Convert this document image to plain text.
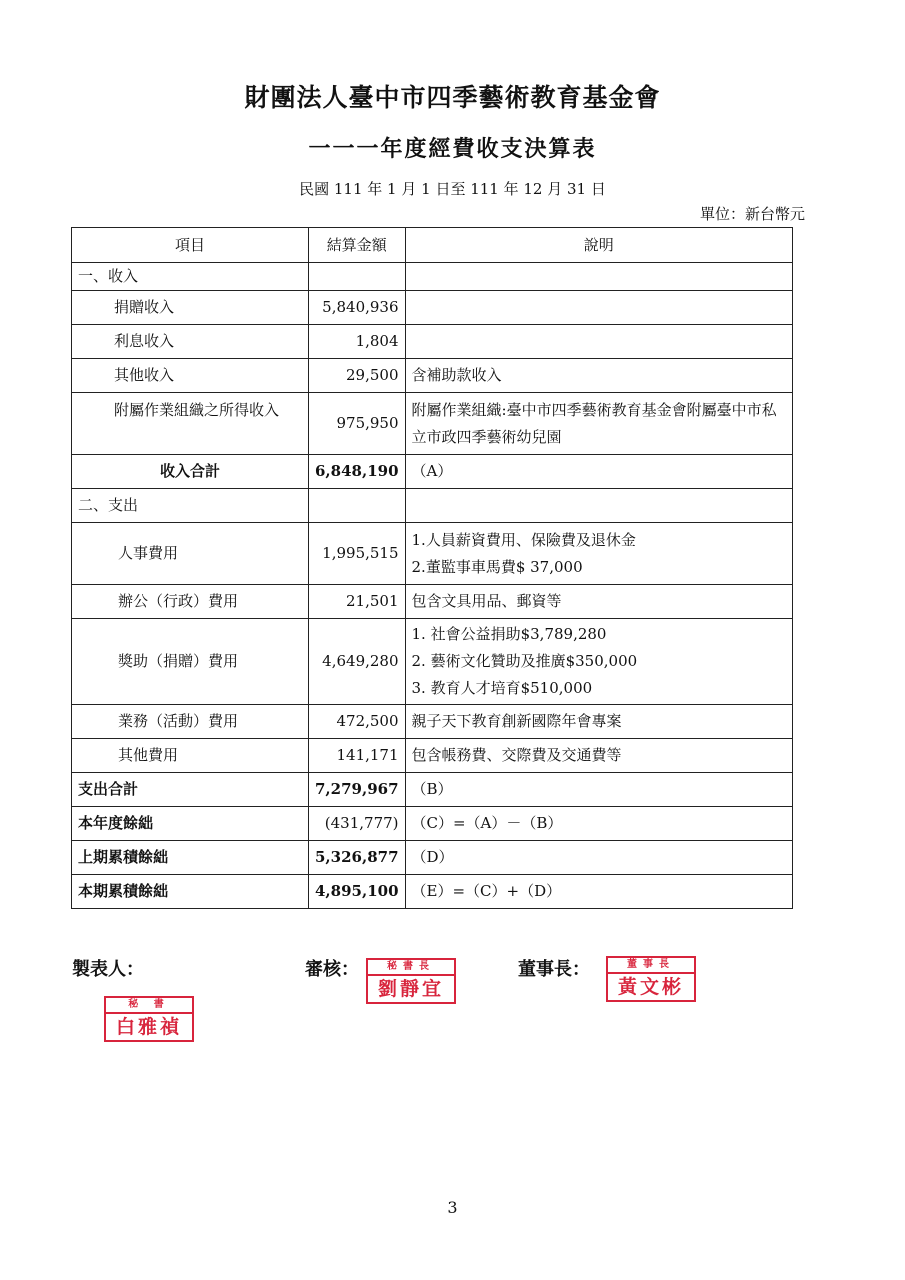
財團法人臺中市四季藝術教育基金會
一一一年度經費收支決算表
民國 111 年 1 月 1 日至 111 年 12 月 31 日
單位：新台幣元
項目	結算金額	說明
一、收入		
捐贈收入	5,840,936	
利息收入	1,804	
其他收入	29,500	含補助款收入
附屬作業組織之所得收入	975,950	附屬作業組織:臺中市四季藝術教育基金會附屬臺中市私立市政四季藝術幼兒園
收入合計	6,848,190	（A）
二、支出		
人事費用	1,995,515	1.人員薪資費用、保險費及退休金
2.董監事車馬費$ 37,000

辦公（行政）費用	21,501	包含文具用品、郵資等

獎助（捐贈）費用	4,649,280	1. 社會公益捐助$3,789,280
2. 藝術文化贊助及推廣$350,000
3. 教育人才培育$510,000

業務（活動）費用	472,500	親子天下教育創新國際年會專案

其他費用	141,171	包含帳務費、交際費及交通費等

支出合計	7,279,967	（B）
本年度餘絀	(431,777)	（C）=（A）－（B）
上期累積餘絀	5,326,877	（D）
本期累積餘絀	4,895,100	（E）=（C）+（D）
製表人：	審核：	董事長：
秘 書
白雅禎
秘書長
劉靜宜
董事長
黃文彬
3
